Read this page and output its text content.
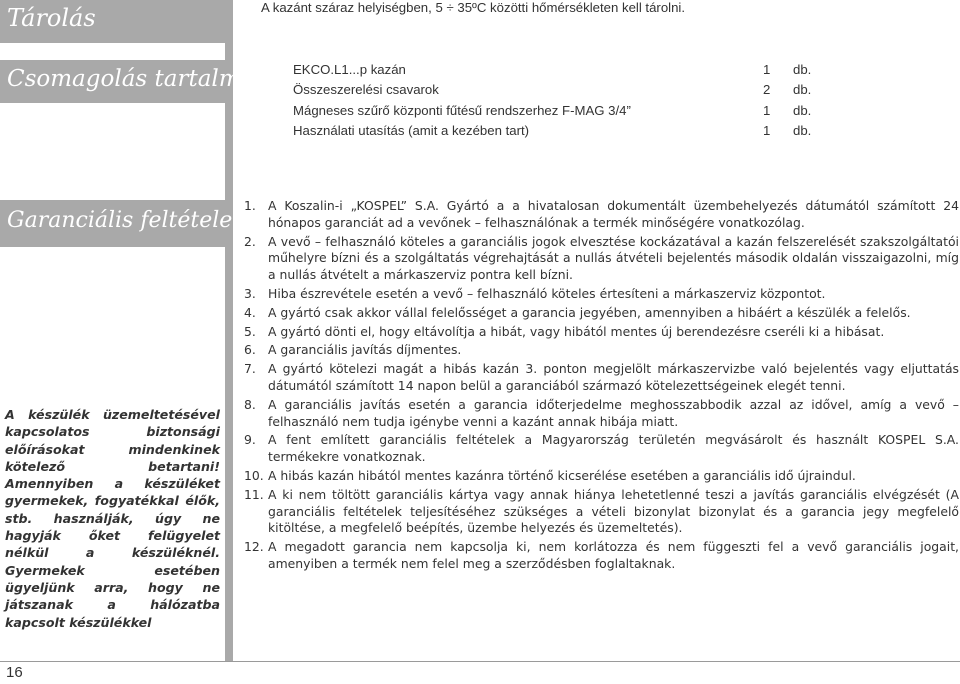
Tárolás
Csomagolás tartalma
Garanciális feltételek
A készülék üzemeltetésével kapcsolatos biztonsági előírásokat mindenkinek kötelező betartani! Amennyiben a készüléket gyermekek, fogyatékkal élők, stb. használják, úgy ne hagyják őket felügyelet nélkül a készüléknél. Gyermekek esetében ügyeljünk arra, hogy ne játszanak a hálózatba kapcsolt készülékkel
A kazánt száraz helyiségben, 5 ÷ 35ºC közötti hőmérsékleten kell tárolni.
EKCO.L1...p kazán	1 db.
Összeszerelési csavarok	2 db.
Mágneses szűrő központi fűtésű rendszerhez F-MAG 3/4”	1 db.
Használati utasítás (amit a kezében tart)	1 db.
1. A Koszalin-i „KOSPEL” S.A. Gyártó a a hivatalosan dokumentált üzembehelyezés dátumától számított 24 hónapos garanciát ad a vevőnek – felhasználónak a termék minőségére vonatkozólag.
2. A vevő – felhasználó köteles a garanciális jogok elvesztése kockázatával a kazán felszerelését szakszolgáltatói műhelyre bízni és a szolgáltatás végrehajtását a nullás átvételi bejelentés második oldalán visszaigazolni, míg a nullás átvételt a márkaszerviz pontra kell bízni.
3. Hiba észrevétele esetén a vevő – felhasználó köteles értesíteni a márkaszerviz központot.
4. A gyártó csak akkor vállal felelősséget a garancia jegyében, amennyiben a hibáért a készülék a felelős.
5. A gyártó dönti el, hogy eltávolítja a hibát, vagy hibától mentes új berendezésre cseréli ki a hibásat.
6. A garanciális javítás díjmentes.
7. A gyártó kötelezi magát a hibás kazán 3. ponton megjelölt márkaszervizbe való bejelentés vagy eljuttatás dátumától számított 14 napon belül a garanciából származó kötelezettségeinek elegét tenni.
8. A garanciális javítás esetén a garancia időterjedelme meghosszabbodik azzal az idővel, amíg a vevő – felhasználó nem tudja igénybe venni a kazánt annak hibája miatt.
9. A fent említett garanciális feltételek a Magyarország területén megvásárolt és használt KOSPEL S.A. termékekre vonatkoznak.
10. A hibás kazán hibától mentes kazánra történő kicserélése esetében a garanciális idő újraindul.
11. A ki nem töltött garanciális kártya vagy annak hiánya lehetetlenné teszi a javítás garanciális elvégzését (A garanciális feltételek teljesítéséhez szükséges a vételi bizonylat bizonylat és a garancia jegy megfelelő kitöltése, a megfelelő beépítés, üzembe helyezés és üzemeltetés).
12. A megadott garancia nem kapcsolja ki, nem korlátozza és nem függeszti fel a vevő garanciális jogait, amenyiben a termék nem felel meg a szerződésben foglaltaknak.
16
